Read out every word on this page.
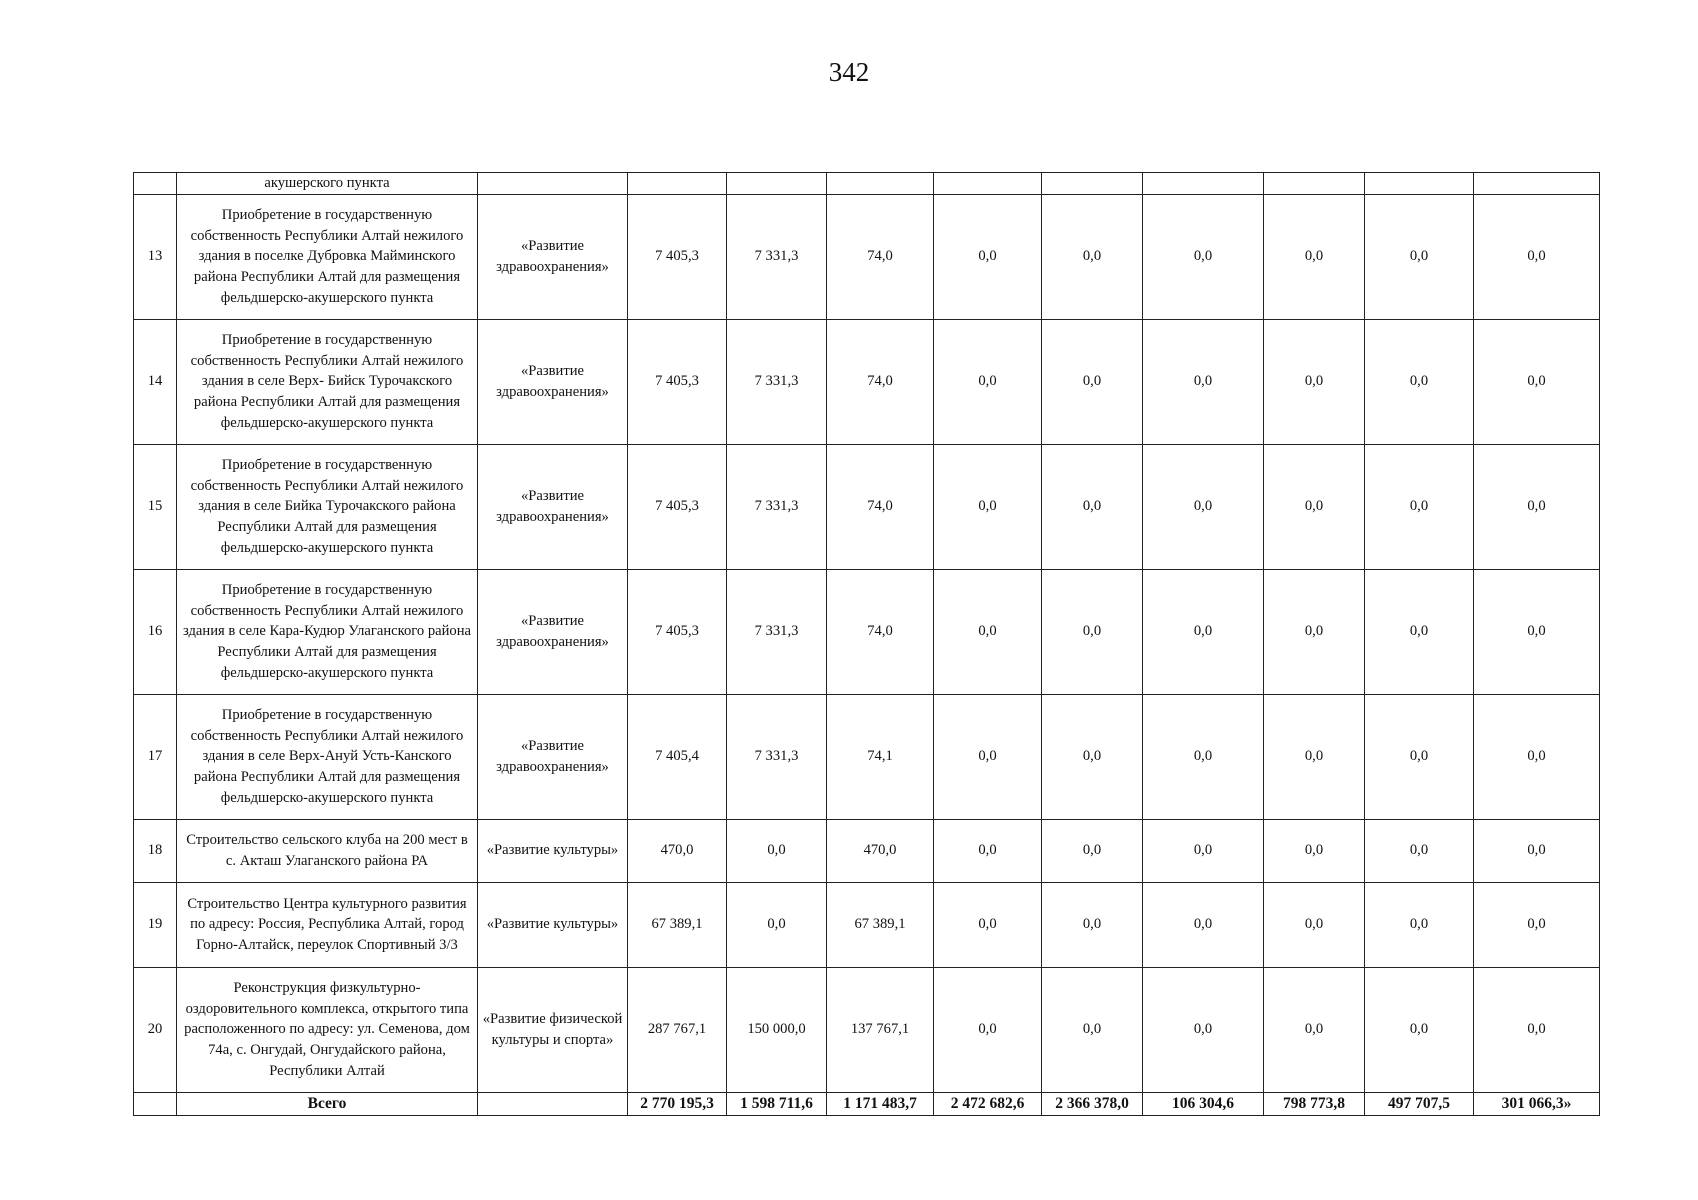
342
	акушерского пункта										
13	Приобретение в государственную собственность Республики Алтай нежилого здания в поселке Дубровка Майминского района Республики Алтай для размещения фельдшерско-акушерского пункта	«Развитие здравоохранения»	7 405,3	7 331,3	74,0	0,0	0,0	0,0	0,0	0,0	0,0
14	Приобретение в государственную собственность Республики Алтай нежилого здания в селе Верх- Бийск Турочакского района Республики Алтай для размещения фельдшерско-акушерского пункта	«Развитие здравоохранения»	7 405,3	7 331,3	74,0	0,0	0,0	0,0	0,0	0,0	0,0
15	Приобретение в государственную собственность Республики Алтай нежилого здания в селе Бийка Турочакского района Республики Алтай для размещения фельдшерско-акушерского пункта	«Развитие здравоохранения»	7 405,3	7 331,3	74,0	0,0	0,0	0,0	0,0	0,0	0,0
16	Приобретение в государственную собственность Республики Алтай нежилого здания в селе Кара-Кудюр Улаганского района Республики Алтай для размещения фельдшерско-акушерского пункта	«Развитие здравоохранения»	7 405,3	7 331,3	74,0	0,0	0,0	0,0	0,0	0,0	0,0
17	Приобретение в государственную собственность Республики Алтай нежилого здания в селе Верх-Ануй Усть-Канского района Республики Алтай для размещения фельдшерско-акушерского пункта	«Развитие здравоохранения»	7 405,4	7 331,3	74,1	0,0	0,0	0,0	0,0	0,0	0,0
18	Строительство сельского клуба на 200 мест в с. Акташ Улаганского района РА	«Развитие культуры»	470,0	0,0	470,0	0,0	0,0	0,0	0,0	0,0	0,0
19	Строительство Центра культурного развития по адресу: Россия, Республика Алтай, город Горно-Алтайск, переулок Спортивный 3/3	«Развитие культуры»	67 389,1	0,0	67 389,1	0,0	0,0	0,0	0,0	0,0	0,0
20	Реконструкция физкультурно-оздоровительного комплекса, открытого типа расположенного по адресу: ул. Семенова, дом 74а, с. Онгудай, Онгудайского района, Республики Алтай	«Развитие физической культуры и спорта»	287 767,1	150 000,0	137 767,1	0,0	0,0	0,0	0,0	0,0	0,0
	Всего		2 770 195,3	1 598 711,6	1 171 483,7	2 472 682,6	2 366 378,0	106 304,6	798 773,8	497 707,5	301 066,3»
